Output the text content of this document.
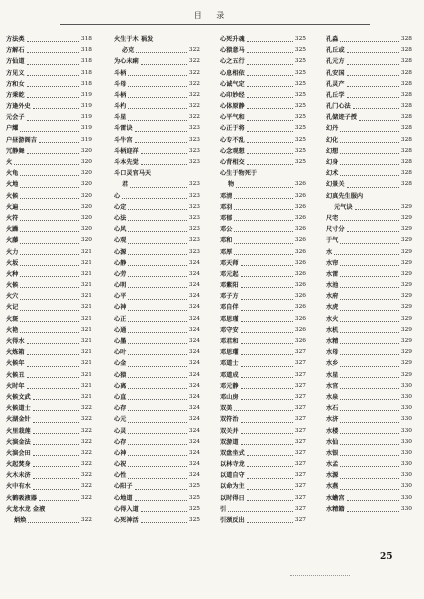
目 录
方法类	318
方解石	318
方仙道	318
方见义	318
方和女	318
方秉乾	319
方逢外史	319
元会子	319
户耀	319
户昼游阁吉	319
冗静舞	320
火	320
火龟	320
火地	320
火候	320
火遍	320
火符	320
火躁	320
火藤	320
火力	321
火坂	321
火种	321
火候	321
火穴	321
火记	321
火斑	321
火艳	321
火得水	321
火炼箱	321
火候年	321
火候丑	321
火时年	321
火候文武	321
火候道士	322
火湖金针	322
火里栽莲	322
火演金法	322
火演会田	322
火起焚身	322
火木未济	322
火中有水	322
火鹤吸液器	322
火龙水龙 金液
炳焕	322
火生于木 祸发
必克	322
为心未痢	322
斗柄	322
斗母	322
斗柄	322
斗杓	322
斗星	322
斗雷诀	323
斗牛宫	323
斗柄迎祥	323
斗本先觉	323
斗口灵官马天
君	323
心	323
心定	323
心法	323
心风	323
心观	323
心源	323
心静	324
心劳	324
心明	324
心平	324
心神	324
心正	324
心通	324
心墨	324
心叶	324
心金	324
心猿	324
心离	324
心直	324
心存	324
心元	324
心灵	324
心存	324
心神	324
心祝	324
心性	324
心阳子	325
心地道	325
心得入道	325
心死神活	325
心死升魂	325
心猿意马	325
心之五行	325
心息相依	325
心诚气定	325
心印妙经	325
心体原静	325
心平气和	325
心正于将	325
心专不乱	325
心念观想	325
心背相交	325
心生于物死于
物	326
邓清	326
邓羽	326
邓郁	326
邓公	326
邓和	326
邓厚	326
邓天师	326
邓元起	326
邓紫阳	326
邓子方	326
邓自伴	326
邓思瑾	326
邓守安	326
邓君和	326
邓思瓘	327
邓道士	327
邓道成	327
邓元静	327
邓山房	327
双美	327
双符治	327
双关并	327
双游道	327
双盘坐式	327
以林寺龙	327
以道自守	327
以命为主	327
以时得日	327
引	327
引颈反出	327
孔淼	328
孔丘或	328
孔元方	328
孔安国	328
孔灵产	328
孔丘学	328
孔门心法	328
孔储迹子授	328
幻丹	328
幻化	328
幻想	328
幻身	328
幻术	328
幻景关	328
幻真先生服内
元气诀	329
尺宅	329
尺寸分	329
于气	329
水	329
水帘	329
水雷	329
水池	329
水府	329
水虎	329
水火	329
水机	329
水精	329
水母	329
水乡	329
水星	329
水官	330
水泉	330
水石	330
水济	330
水楼	330
水仙	330
水银	330
水孟	330
水源	330
水燕	330
水蟾宫	330
水精籍	330
25
